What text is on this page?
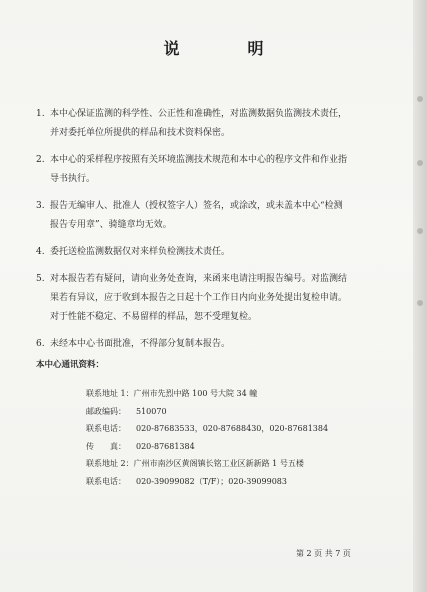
说　明
1. 本中心保证监测的科学性、公正性和准确性，对监测数据负监测技术责任，
并对委托单位所提供的样品和技术资料保密。
2. 本中心的采样程序按照有关环境监测技术规范和本中心的程序文件和作业指
导书执行。
3. 报告无编审人、批准人（授权签字人）签名，或涂改，或未盖本中心“检测
报告专用章”、骑缝章均无效。
4. 委托送检监测数据仅对来样负检测技术责任。
5. 对本报告若有疑问，请向业务处查询，来函来电请注明报告编号。对监测结
果若有异议，应于收到本报告之日起十个工作日内向业务处提出复检申请。
对于性能不稳定、不易留样的样品，恕不受理复检。
6. 未经本中心书面批准，不得部分复制本报告。
本中心通讯资料：
联系地址 1：广州市先烈中路 100 号大院 34 幢
邮政编码： 510070
联系电话： 020-87683533，020-87688430，020-87681384
传　　真： 020-87681384
联系地址 2：广州市南沙区黄阁镇长铭工业区新新路 1 号五楼
联系电话： 020-39099082（T/F）；020-39099083
第 2 页 共 7 页
